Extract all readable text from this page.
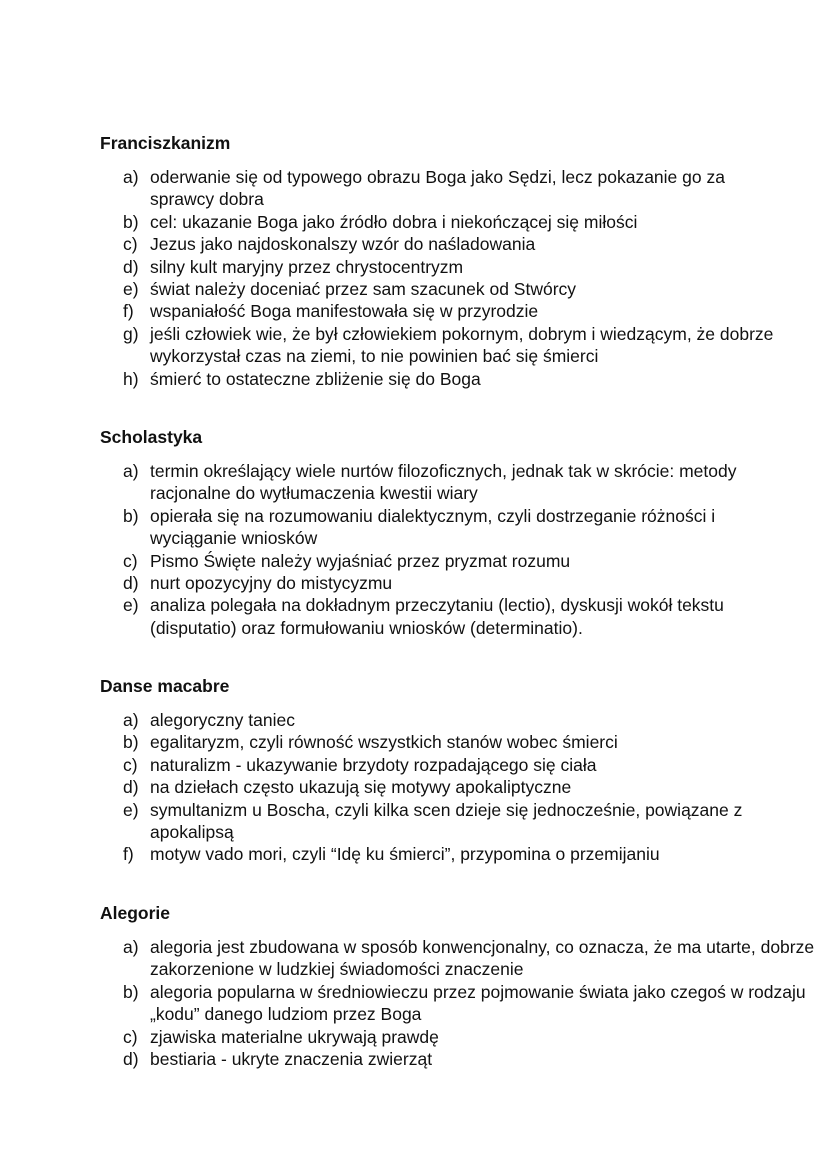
Franciszkanizm
a) oderwanie się od typowego obrazu Boga jako Sędzi, lecz pokazanie go za sprawcy dobra
b) cel: ukazanie Boga jako źródło dobra i niekończącej się miłości
c) Jezus jako najdoskonalszy wzór do naśladowania
d) silny kult maryjny przez chrystocentryzm
e) świat należy doceniać przez sam szacunek od Stwórcy
f) wspaniałość Boga manifestowała się w przyrodzie
g) jeśli człowiek wie, że był człowiekiem pokornym, dobrym i wiedzącym, że dobrze wykorzystał czas na ziemi, to nie powinien bać się śmierci
h) śmierć to ostateczne zbliżenie się do Boga
Scholastyka
a) termin określający wiele nurtów filozoficznych, jednak tak w skrócie: metody racjonalne do wytłumaczenia kwestii wiary
b) opierała się na rozumowaniu dialektycznym, czyli dostrzeganie różności i wyciąganie wniosków
c) Pismo Święte należy wyjaśniać przez pryzmat rozumu
d) nurt opozycyjny do mistycyzmu
e) analiza polegała na dokładnym przeczytaniu (lectio), dyskusji wokół tekstu (disputatio) oraz formułowaniu wniosków (determinatio).
Danse macabre
a) alegoryczny taniec
b) egalitaryzm, czyli równość wszystkich stanów wobec śmierci
c) naturalizm - ukazywanie brzydoty rozpadającego się ciała
d) na dziełach często ukazują się motywy apokaliptyczne
e) symultanizm u Boscha, czyli kilka scen dzieje się jednocześnie, powiązane z apokalipsą
f) motyw vado mori, czyli “Idę ku śmierci”, przypomina o przemijaniu
Alegorie
a) alegoria jest zbudowana w sposób konwencjonalny, co oznacza, że ma utarte, dobrze zakorzenione w ludzkiej świadomości znaczenie
b) alegoria popularna w średniowieczu przez pojmowanie świata jako czegoś w rodzaju „kodu” danego ludziom przez Boga
c) zjawiska materialne ukrywają prawdę
d) bestiaria - ukryte znaczenia zwierząt
